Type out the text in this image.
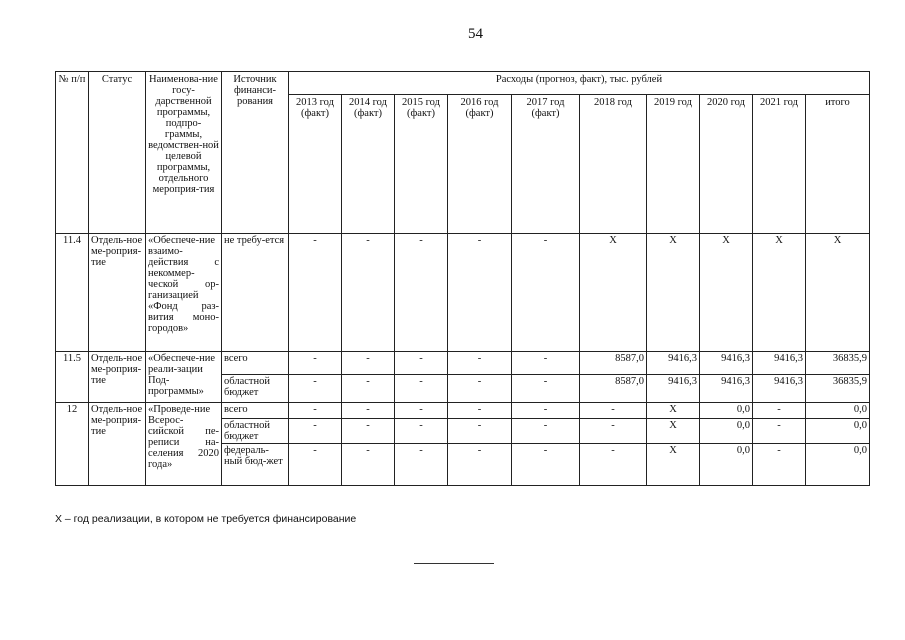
54
№ п/п	Статус	Наименова-ние госу-дарственной программы, подпро-граммы, ведомствен-ной целевой программы, отдельного мероприя-тия	Источник финанси-рования	Расходы (прогноз, факт), тыс. рублей									
				2013 год (факт)	2014 год (факт)	2015 год (факт)	2016 год (факт)	2017 год (факт)	2018 год	2019 год	2020 год	2021 год	итого
11.4	Отдель-ное ме-роприя-тие	«Обеспече-ние взаимо-действия с некоммер-ческой ор-ганизацией «Фонд раз-вития моно-городов»	не требу-ется	-	-	-	-	-	X	X	X	X	X
11.5	Отдель-ное ме-роприя-тие	«Обеспече-ние реали-зации Под-программы»	всего	-	-	-	-	-	8587,0	9416,3	9416,3	9416,3	36835,9
			областной бюджет	-	-	-	-	-	8587,0	9416,3	9416,3	9416,3	36835,9
12	Отдель-ное ме-роприя-тие	«Проведе-ние Всерос-сийской пе-реписи на-селения 2020 года»	всего	-	-	-	-	-	-	X	0,0	-	0,0
			областной бюджет	-	-	-	-	-	-	X	0,0	-	0,0
			федераль-ный бюд-жет	-	-	-	-	-	-	X	0,0	-	0,0
Х – год реализации, в котором не требуется финансирование
